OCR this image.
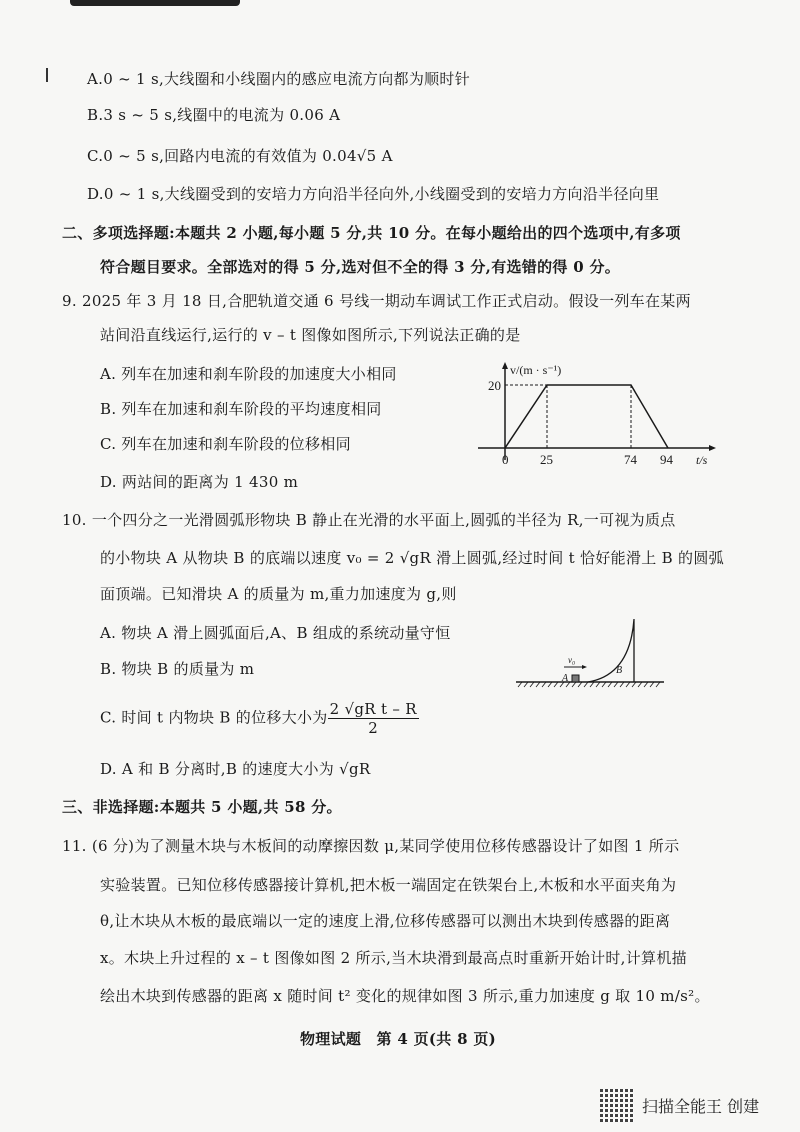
A.0 ~ 1 s,大线圈和小线圈内的感应电流方向都为顺时针
B.3 s ~ 5 s,线圈中的电流为 0.06 A
C.0 ~ 5 s,回路内电流的有效值为 0.04√5 A
D.0 ~ 1 s,大线圈受到的安培力方向沿半径向外,小线圈受到的安培力方向沿半径向里
二、多项选择题:本题共 2 小题,每小题 5 分,共 10 分。在每小题给出的四个选项中,有多项
符合题目要求。全部选对的得 5 分,选对但不全的得 3 分,有选错的得 0 分。
9. 2025 年 3 月 18 日,合肥轨道交通 6 号线一期动车调试工作正式启动。假设一列车在某两
站间沿直线运行,运行的 v – t 图像如图所示,下列说法正确的是
A. 列车在加速和刹车阶段的加速度大小相同
B. 列车在加速和刹车阶段的平均速度相同
C. 列车在加速和刹车阶段的位移相同
D. 两站间的距离为 1 430 m
v/(m · s⁻¹)
20
0 25	74 94 t/s
10. 一个四分之一光滑圆弧形物块 B 静止在光滑的水平面上,圆弧的半径为 R,一可视为质点
的小物块 A 从物块 B 的底端以速度 v₀ = 2 √gR 滑上圆弧,经过时间 t 恰好能滑上 B 的圆弧
面顶端。已知滑块 A 的质量为 m,重力加速度为 g,则
A. 物块 A 滑上圆弧面后,A、B 组成的系统动量守恒
B. 物块 B 的质量为 m
C. 时间 t 内物块 B 的位移大小为 $\frac{\text{2 √gR t – R}}{2}$
D. A 和 B 分离时,B 的速度大小为 √gR
v₀
A
B
三、非选择题:本题共 5 小题,共 58 分。
11. (6 分)为了测量木块与木板间的动摩擦因数 μ,某同学使用位移传感器设计了如图 1 所示
实验装置。已知位移传感器接计算机,把木板一端固定在铁架台上,木板和水平面夹角为
θ,让木块从木板的最底端以一定的速度上滑,位移传感器可以测出木块到传感器的距离
x。木块上升过程的 x – t 图像如图 2 所示,当木块滑到最高点时重新开始计时,计算机描
绘出木块到传感器的距离 x 随时间 t² 变化的规律如图 3 所示,重力加速度 g 取 10 m/s²。
物理试题　第 4 页(共 8 页)
扫描全能王 创建
